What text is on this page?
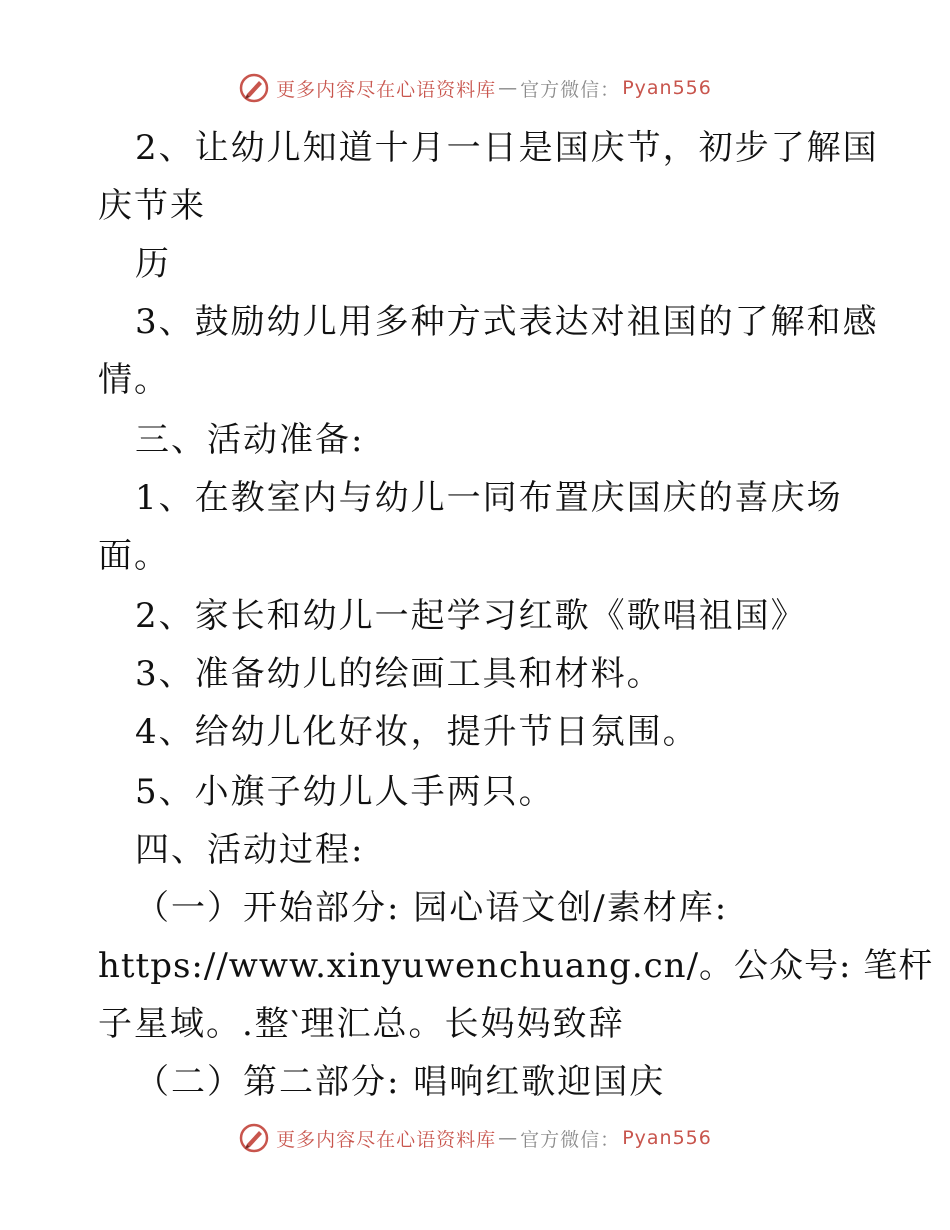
更多内容尽在心语资料库 — 官方微信： Pyan556
2、让幼儿知道十月一日是国庆节，初步了解国
庆节来
历
3、鼓励幼儿用多种方式表达对祖国的了解和感
情。
三、活动准备:
1、在教室内与幼儿一同布置庆国庆的喜庆场
面。
2、家长和幼儿一起学习红歌《歌唱祖国》
3、准备幼儿的绘画工具和材料。
4、给幼儿化好妆，提升节日氛围。
5、小旗子幼儿人手两只。
四、活动过程:
（一）开始部分: 园心语文创/素材库:
https://www.xinyuwenchuang.cn/。公众号: 笔杆
子星域。.整‵理汇总。长妈妈致辞
（二）第二部分: 唱响红歌迎国庆
更多内容尽在心语资料库 — 官方微信： Pyan556
